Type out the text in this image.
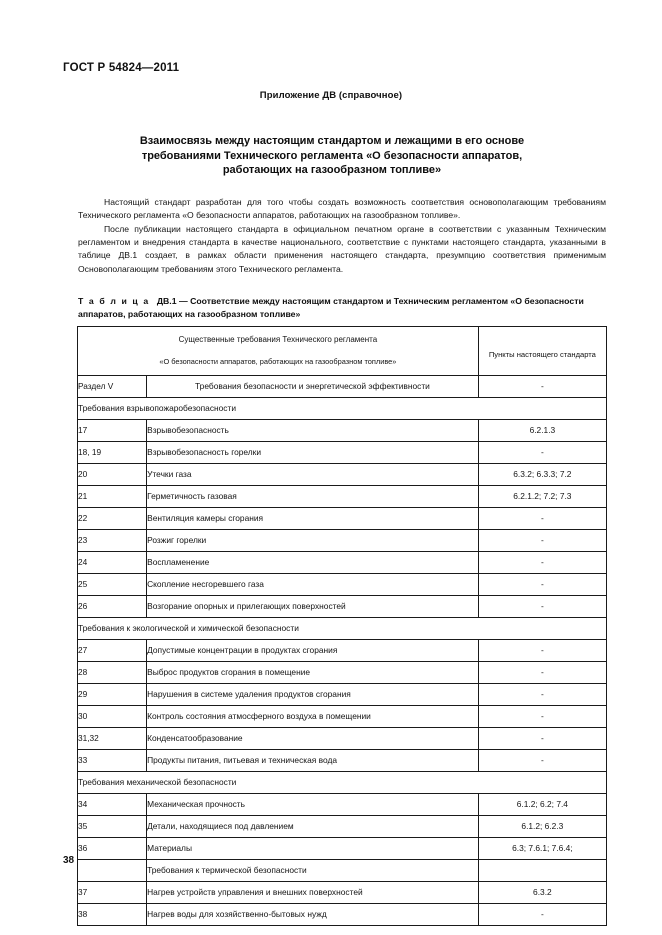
ГОСТ Р 54824—2011
Приложение ДВ (справочное)
Взаимосвязь между настоящим стандартом и лежащими в его основе
требованиями Технического регламента «О безопасности аппаратов,
работающих на газообразном топливе»

Настоящий стандарт разработан для того чтобы создать возможность соответствия основополагающим требованиям Технического регламента «О безопасности аппаратов, работающих на газообразном топливе».

После публикации настоящего стандарта в официальном печатном органе в соответствии с указанным Техническим регламентом и внедрения стандарта в качестве национального, соответствие с пунктами настоящего стандарта, указанными в таблице ДВ.1 создает, в рамках области применения настоящего стандарта, презумпцию соответствия применимым Основополагающим требованиям этого Технического регламента.

Т а б л и ц а ДВ.1 — Соответствие между настоящим стандартом и Техническим регламентом «О безопасности аппаратов, работающих на газообразном топливе»
Существенные требования Технического регламента
«О безопасности аппаратов, работающих на газообразном топливе»		Пункты настоящего стандарта
Раздел V	Требования безопасности и энергетической эффективности	-
Требования взрывопожаробезопасности		
17	Взрывобезопасность	6.2.1.3
18, 19	Взрывобезопасность горелки	-
20	Утечки газа	6.3.2; 6.3.3; 7.2
21	Герметичность газовая	6.2.1.2; 7.2; 7.3
22	Вентиляция камеры сгорания	-
23	Розжиг горелки	-
24	Воспламенение	-
25	Скопление несгоревшего газа	-
26	Возгорание опорных и прилегающих поверхностей	-
Требования к экологической и химической безопасности		
27	Допустимые концентрации в продуктах сгорания	-
28	Выброс продуктов сгорания в помещение	-
29	Нарушения в системе удаления продуктов сгорания	-
30	Контроль состояния атмосферного воздуха в помещении	-
31,32	Конденсатообразование	-
33	Продукты питания, питьевая и техническая вода	-
Требования механической безопасности		
34	Механическая прочность	6.1.2; 6.2; 7.4
35	Детали, находящиеся под давлением	6.1.2; 6.2.3
36	Материалы	6.3; 7.6.1; 7.6.4;
	Требования к термической безопасности	
37	Нагрев устройств управления и внешних поверхностей	6.3.2
38	Нагрев воды для хозяйственно-бытовых нужд	-
38
